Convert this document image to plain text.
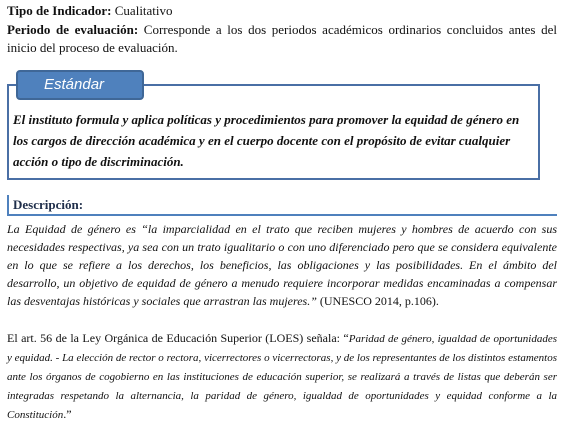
Tipo de Indicador: Cualitativo
Periodo de evaluación: Corresponde a los dos periodos académicos ordinarios concluidos antes del inicio del proceso de evaluación.
Estándar
El instituto formula y aplica políticas y procedimientos para promover la equidad de género en los cargos de dirección académica y en el cuerpo docente con el propósito de evitar cualquier acción o tipo de discriminación.
Descripción:
La Equidad de género es “la imparcialidad en el trato que reciben mujeres y hombres de acuerdo con sus necesidades respectivas, ya sea con un trato igualitario o con uno diferenciado pero que se considera equivalente en lo que se refiere a los derechos, los beneficios, las obligaciones y las posibilidades. En el ámbito del desarrollo, un objetivo de equidad de género a menudo requiere incorporar medidas encaminadas a compensar las desventajas históricas y sociales que arrastran las mujeres.” (UNESCO 2014, p.106).
El art. 56 de la Ley Orgánica de Educación Superior (LOES) señala: “Paridad de género, igualdad de oportunidades y equidad. - La elección de rector o rectora, vicerrectores o vicerrectoras, y de los representantes de los distintos estamentos ante los órganos de cogobierno en las instituciones de educación superior, se realizará a través de listas que deberán ser integradas respetando la alternancia, la paridad de género, igualdad de oportunidades y equidad conforme a la Constitución.”
